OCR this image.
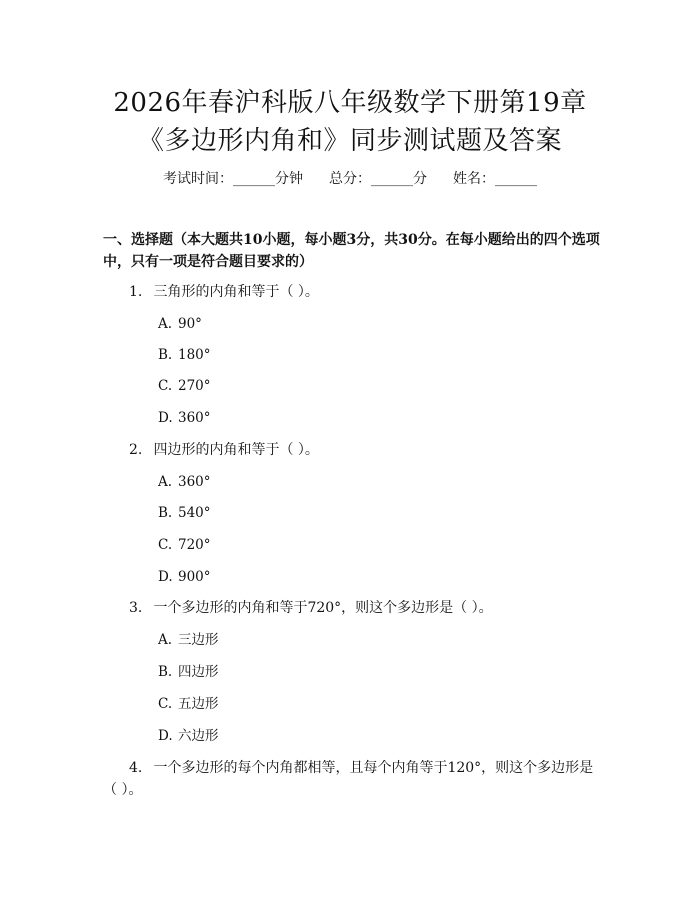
2026年春沪科版八年级数学下册第19章
《多边形内角和》同步测试题及答案
考试时间：______分钟 总分：______分 姓名：______
一、选择题（本大题共10小题，每小题3分，共30分。在每小题给出的四个选项中，只有一项是符合题目要求的）
1. 三角形的内角和等于（ ）。
A. 90°
B. 180°
C. 270°
D. 360°
2. 四边形的内角和等于（ ）。
A. 360°
B. 540°
C. 720°
D. 900°
3. 一个多边形的内角和等于720°，则这个多边形是（ ）。
A. 三边形
B. 四边形
C. 五边形
D. 六边形
4. 一个多边形的每个内角都相等，且每个内角等于120°，则这个多边形是
（ ）。
